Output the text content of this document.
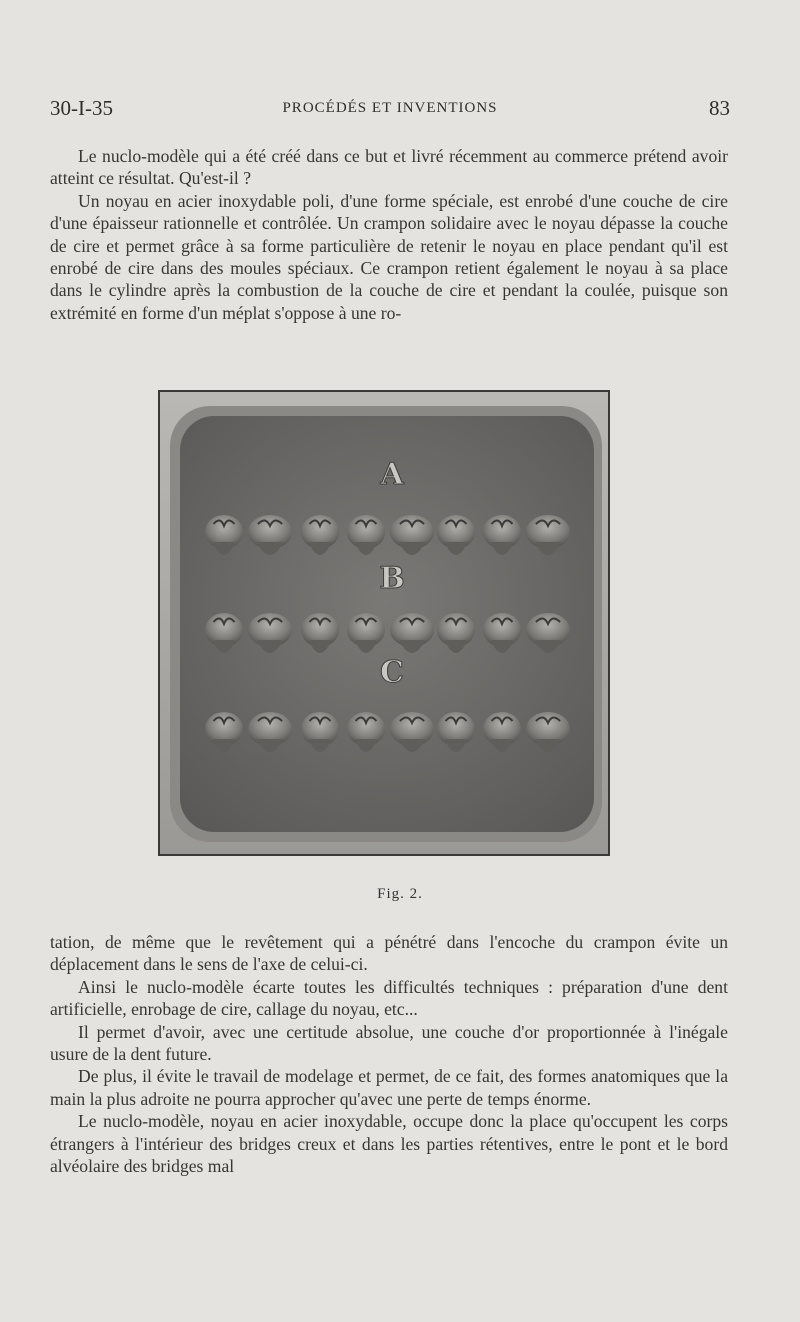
30-I-35	PROCÉDÉS ET INVENTIONS	83

Le nuclo-modèle qui a été créé dans ce but et livré récemment au commerce prétend avoir atteint ce résultat. Qu'est-il ?

Un noyau en acier inoxydable poli, d'une forme spéciale, est enrobé d'une couche de cire d'une épaisseur rationnelle et contrôlée. Un crampon solidaire avec le noyau dépasse la couche de cire et permet grâce à sa forme particulière de retenir le noyau en place pendant qu'il est enrobé de cire dans des moules spéciaux. Ce crampon retient également le noyau à sa place dans le cylindre après la combustion de la couche de cire et pendant la coulée, puisque son extrémité en forme d'un méplat s'oppose à une ro-

A
B
C
Fig. 2.

tation, de même que le revêtement qui a pénétré dans l'encoche du crampon évite un déplacement dans le sens de l'axe de celui-ci.

Ainsi le nuclo-modèle écarte toutes les difficultés techniques : préparation d'une dent artificielle, enrobage de cire, callage du noyau, etc...

Il permet d'avoir, avec une certitude absolue, une couche d'or proportionnée à l'inégale usure de la dent future.

De plus, il évite le travail de modelage et permet, de ce fait, des formes anatomiques que la main la plus adroite ne pourra approcher qu'avec une perte de temps énorme.

Le nuclo-modèle, noyau en acier inoxydable, occupe donc la place qu'occupent les corps étrangers à l'intérieur des bridges creux et dans les parties rétentives, entre le pont et le bord alvéolaire des bridges mal
